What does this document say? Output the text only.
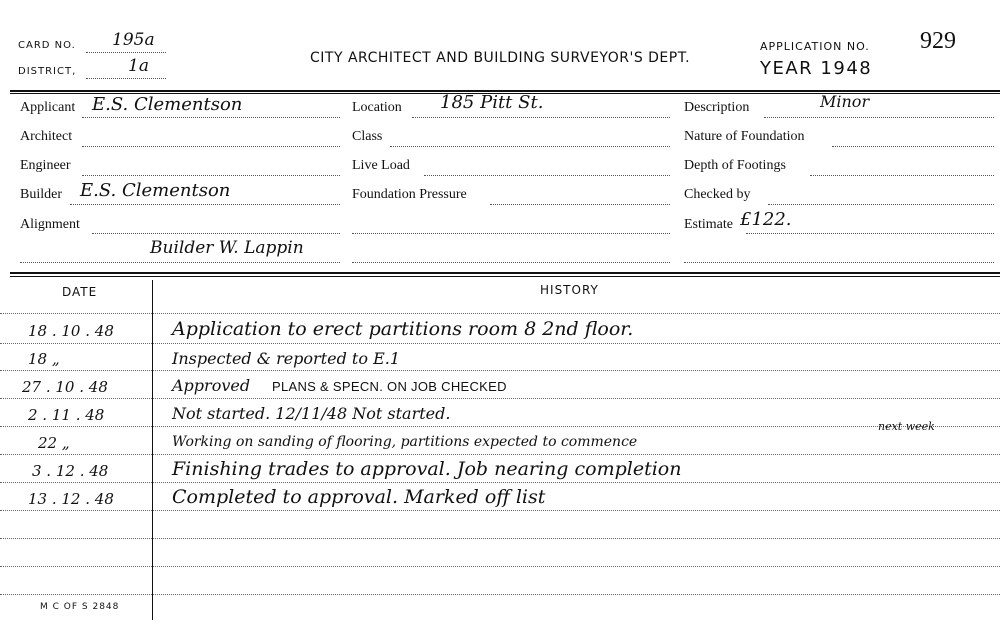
CARD NO. 195a
DISTRICT,	1a	CITY ARCHITECT AND BUILDING SURVEYOR'S DEPT.
APPLICATION NO. 929
YEAR 1948
Applicant E.S. Clementson
Architect
Engineer
Builder E.S. Clementson
Alignment
Builder W. Lappin
Location 185 Pitt St.
Class
Live Load
Foundation Pressure
Description	Minor
Nature of Foundation
Depth of Footings
Checked by
Estimate £122.
DATE	HISTORY
18 . 10 . 48	Application to erect partitions room 8 2nd floor.
18 „	Inspected & reported to E.1
27 . 10 . 48	Approved PLANS & SPECN. ON JOB CHECKED
2 . 11 . 48	Not started. 12/11/48 Not started.
22 „	Working on sanding of flooring, partitions expected to commence
next week
3 . 12 . 48	Finishing trades to approval. Job nearing completion
13 . 12 . 48	Completed to approval. Marked off list
M C OF S 2848
